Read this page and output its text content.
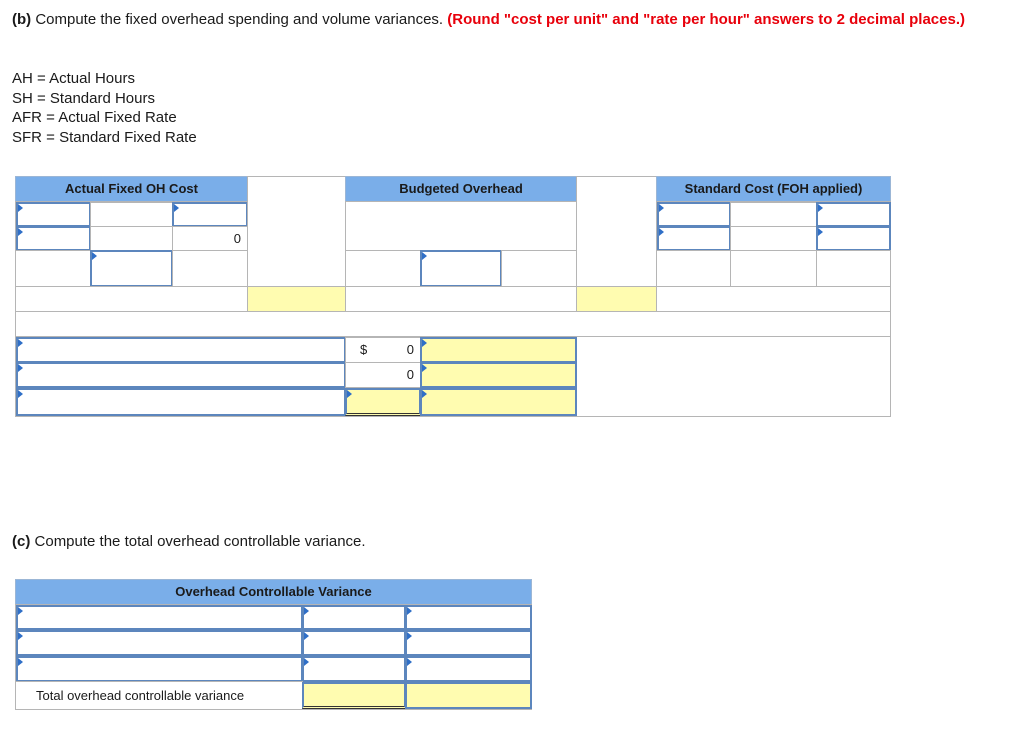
(b) Compute the fixed overhead spending and volume variances. (Round "cost per unit" and "rate per hour" answers to 2 decimal places.)
AH = Actual Hours
SH = Standard Hours
AFR = Actual Fixed Rate
SFR = Standard Fixed Rate
Actual Fixed OH Cost
0
Budgeted Overhead	Standard Cost (FOH applied)
$	0
0
(c) Compute the total overhead controllable variance.
Overhead Controllable Variance
Total overhead controllable variance
